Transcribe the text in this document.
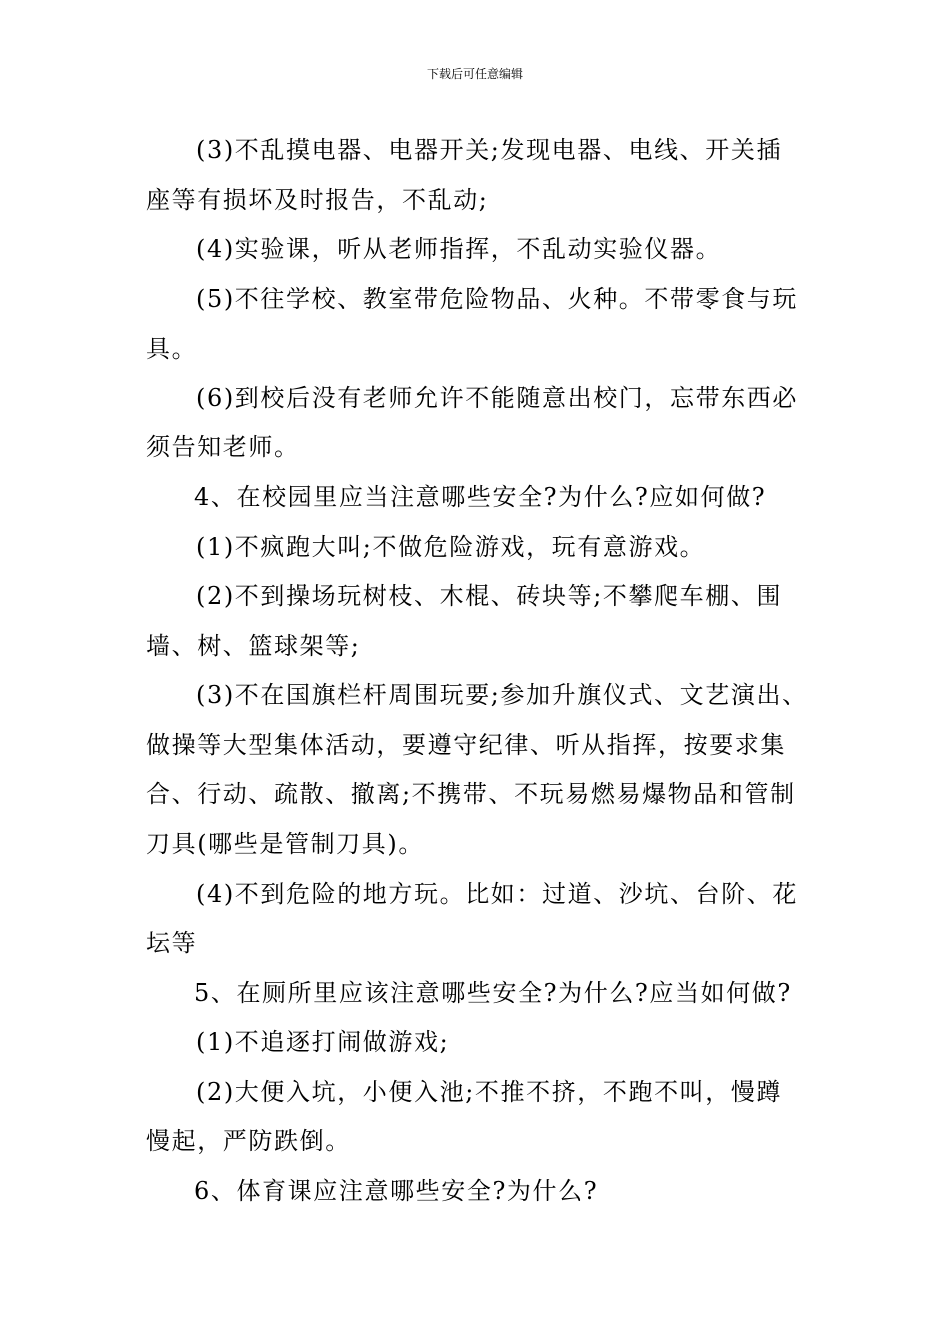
下载后可任意编辑
(3)不乱摸电器、电器开关;发现电器、电线、开关插
座等有损坏及时报告，不乱动;
(4)实验课，听从老师指挥，不乱动实验仪器。
(5)不往学校、教室带危险物品、火种。不带零食与玩
具。
(6)到校后没有老师允许不能随意出校门，忘带东西必
须告知老师。
4、在校园里应当注意哪些安全?为什么?应如何做?
(1)不疯跑大叫;不做危险游戏，玩有意游戏。
(2)不到操场玩树枝、木棍、砖块等;不攀爬车棚、围
墙、树、篮球架等;
(3)不在国旗栏杆周围玩要;参加升旗仪式、文艺演出、
做操等大型集体活动，要遵守纪律、听从指挥，按要求集
合、行动、疏散、撤离;不携带、不玩易燃易爆物品和管制
刀具(哪些是管制刀具)。
(4)不到危险的地方玩。比如：过道、沙坑、台阶、花
坛等
5、在厕所里应该注意哪些安全?为什么?应当如何做?
(1)不追逐打闹做游戏;
(2)大便入坑，小便入池;不推不挤，不跑不叫，慢蹲
慢起，严防跌倒。
6、体育课应注意哪些安全?为什么?
